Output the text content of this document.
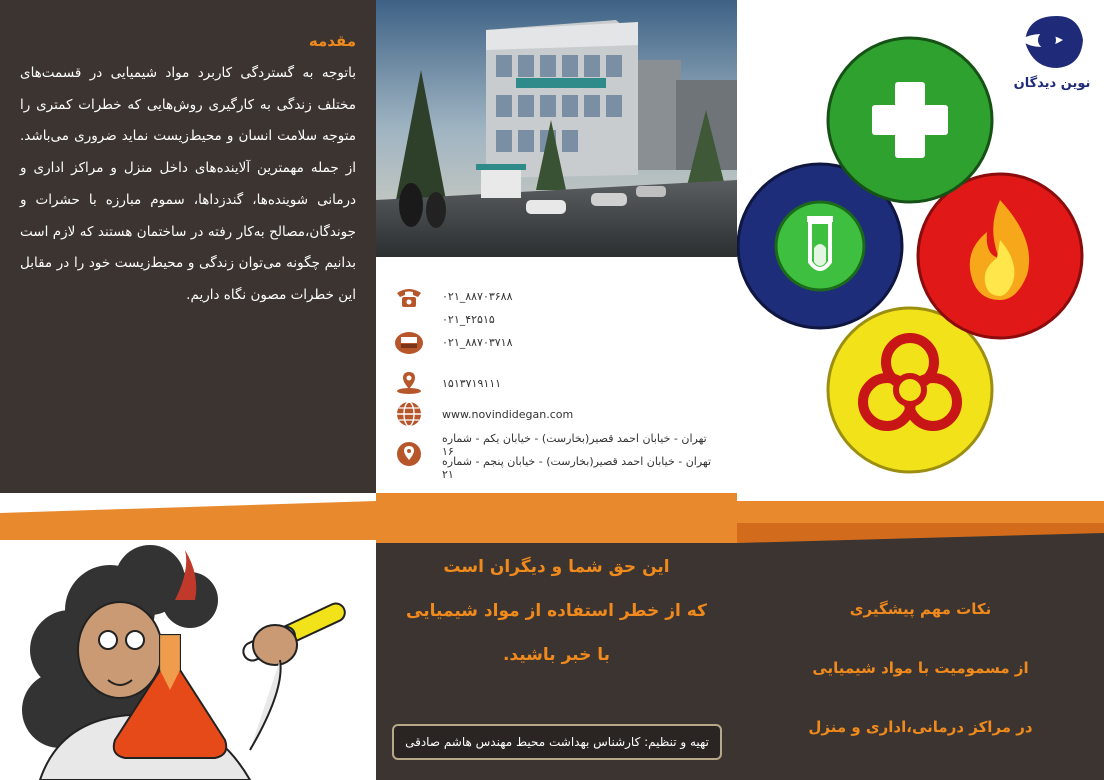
مقدمه
باتوجه به گستردگی کاربرد مواد شیمیایی در قسمت‌های مختلف زندگی به کارگیری روش‌هایی که خطرات کمتری را متوجه سلامت انسان و محیط‌زیست نماید ضروری می‌باشد. از جمله مهمترین آلاینده‌های داخل منزل و مراکز اداری و درمانی شوینده‌ها، گندزداها، سموم مبارزه با حشرات و جوندگان،مصالح به‌کار رفته در ساختمان هستند که لازم است بدانیم چگونه می‌توان زندگی و محیط‌زیست خود را در مقابل این خطرات مصون نگاه داریم.	۰۲۱_۸۸۷۰۳۶۸۸
۰۲۱_۴۲۵۱۵
۰۲۱_۸۸۷۰۳۷۱۸
۱۵۱۳۷۱۹۱۱۱
www.novindidegan.com
تهران - خیابان احمد قصیر(بخارست) - خیابان یکم - شماره ۱۶
تهران - خیابان احمد قصیر(بخارست) - خیابان پنجم - شماره ۲۱
نوین دیدگان
این حق شما و دیگران است
که از خطر استفاده از مواد شیمیایی
با خبر باشید.
تهیه و تنظیم: کارشناس بهداشت محیط مهندس هاشم صادقی
نکات مهم پیشگیری
از مسمومیت با مواد شیمیایی
در مراکز درمانی،اداری و منزل
